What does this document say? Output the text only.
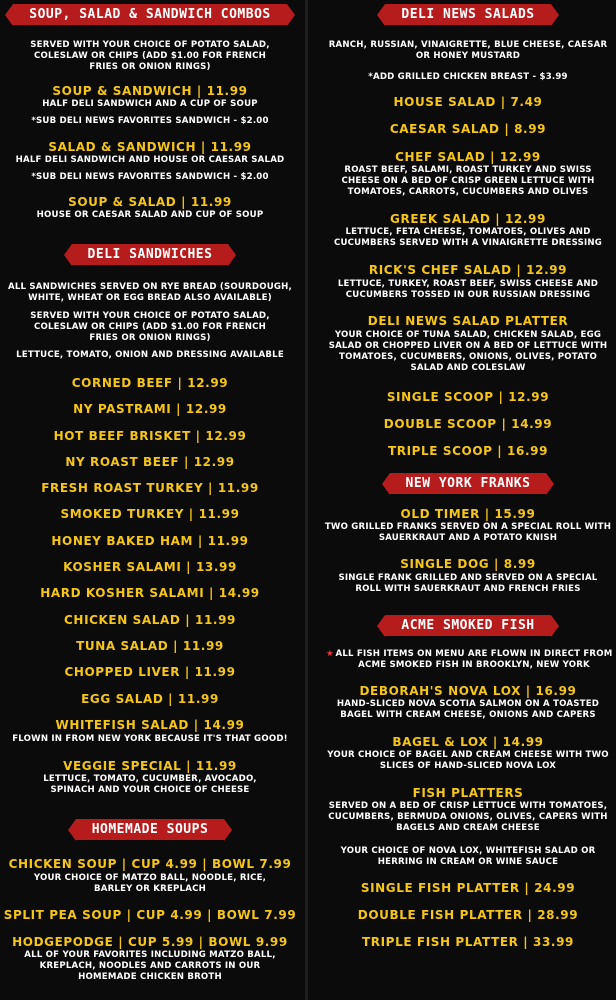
SOUP, SALAD & SANDWICH COMBOS
SERVED WITH YOUR CHOICE OF POTATO SALAD, COLESLAW OR CHIPS (ADD $1.00 FOR FRENCH FRIES OR ONION RINGS)
SOUP & SANDWICH | 11.99
HALF DELI SANDWICH AND A CUP OF SOUP
*SUB DELI NEWS FAVORITES SANDWICH - $2.00
SALAD & SANDWICH | 11.99
HALF DELI SANDWICH AND HOUSE OR CAESAR SALAD
*SUB DELI NEWS FAVORITES SANDWICH - $2.00
SOUP & SALAD | 11.99
HOUSE OR CAESAR SALAD AND CUP OF SOUP
DELI SANDWICHES
ALL SANDWICHES SERVED ON RYE BREAD (SOURDOUGH, WHITE, WHEAT OR EGG BREAD ALSO AVAILABLE)
SERVED WITH YOUR CHOICE OF POTATO SALAD, COLESLAW OR CHIPS (ADD $1.00 FOR FRENCH FRIES OR ONION RINGS)
LETTUCE, TOMATO, ONION AND DRESSING AVAILABLE
CORNED BEEF | 12.99
NY PASTRAMI | 12.99
HOT BEEF BRISKET | 12.99
NY ROAST BEEF | 12.99
FRESH ROAST TURKEY | 11.99
SMOKED TURKEY | 11.99
HONEY BAKED HAM | 11.99
KOSHER SALAMI | 13.99
HARD KOSHER SALAMI | 14.99
CHICKEN SALAD | 11.99
TUNA SALAD | 11.99
CHOPPED LIVER | 11.99
EGG SALAD | 11.99
WHITEFISH SALAD | 14.99
FLOWN IN FROM NEW YORK BECAUSE IT'S THAT GOOD!
VEGGIE SPECIAL | 11.99
LETTUCE, TOMATO, CUCUMBER, AVOCADO, SPINACH AND YOUR CHOICE OF CHEESE
HOMEMADE SOUPS
CHICKEN SOUP | CUP 4.99 | BOWL 7.99
YOUR CHOICE OF MATZO BALL, NOODLE, RICE, BARLEY OR KREPLACH
SPLIT PEA SOUP | CUP 4.99 | BOWL 7.99
HODGEPODGE | CUP 5.99 | BOWL 9.99
ALL OF YOUR FAVORITES INCLUDING MATZO BALL, KREPLACH, NOODLES AND CARROTS IN OUR HOMEMADE CHICKEN BROTH
DELI NEWS SALADS
RANCH, RUSSIAN, VINAIGRETTE, BLUE CHEESE, CAESAR OR HONEY MUSTARD
*ADD GRILLED CHICKEN BREAST - $3.99
HOUSE SALAD | 7.49
CAESAR SALAD | 8.99
CHEF SALAD | 12.99
ROAST BEEF, SALAMI, ROAST TURKEY AND SWISS CHEESE ON A BED OF CRISP GREEN LETTUCE WITH TOMATOES, CARROTS, CUCUMBERS AND OLIVES
GREEK SALAD | 12.99
LETTUCE, FETA CHEESE, TOMATOES, OLIVES AND CUCUMBERS SERVED WITH A VINAIGRETTE DRESSING
RICK'S CHEF SALAD | 12.99
LETTUCE, TURKEY, ROAST BEEF, SWISS CHEESE AND CUCUMBERS TOSSED IN OUR RUSSIAN DRESSING
DELI NEWS SALAD PLATTER
YOUR CHOICE OF TUNA SALAD, CHICKEN SALAD, EGG SALAD OR CHOPPED LIVER ON A BED OF LETTUCE WITH TOMATOES, CUCUMBERS, ONIONS, OLIVES, POTATO SALAD AND COLESLAW
SINGLE SCOOP | 12.99
DOUBLE SCOOP | 14.99
TRIPLE SCOOP | 16.99
NEW YORK FRANKS
OLD TIMER | 15.99
TWO GRILLED FRANKS SERVED ON A SPECIAL ROLL WITH SAUERKRAUT AND A POTATO KNISH
SINGLE DOG | 8.99
SINGLE FRANK GRILLED AND SERVED ON A SPECIAL ROLL WITH SAUERKRAUT AND FRENCH FRIES
ACME SMOKED FISH
★ ALL FISH ITEMS ON MENU ARE FLOWN IN DIRECT FROM ACME SMOKED FISH IN BROOKLYN, NEW YORK
DEBORAH'S NOVA LOX | 16.99
HAND-SLICED NOVA SCOTIA SALMON ON A TOASTED BAGEL WITH CREAM CHEESE, ONIONS AND CAPERS
BAGEL & LOX | 14.99
YOUR CHOICE OF BAGEL AND CREAM CHEESE WITH TWO SLICES OF HAND-SLICED NOVA LOX
FISH PLATTERS
SERVED ON A BED OF CRISP LETTUCE WITH TOMATOES, CUCUMBERS, BERMUDA ONIONS, OLIVES, CAPERS WITH BAGELS AND CREAM CHEESE
YOUR CHOICE OF NOVA LOX, WHITEFISH SALAD OR HERRING IN CREAM OR WINE SAUCE
SINGLE FISH PLATTER | 24.99
DOUBLE FISH PLATTER | 28.99
TRIPLE FISH PLATTER | 33.99
